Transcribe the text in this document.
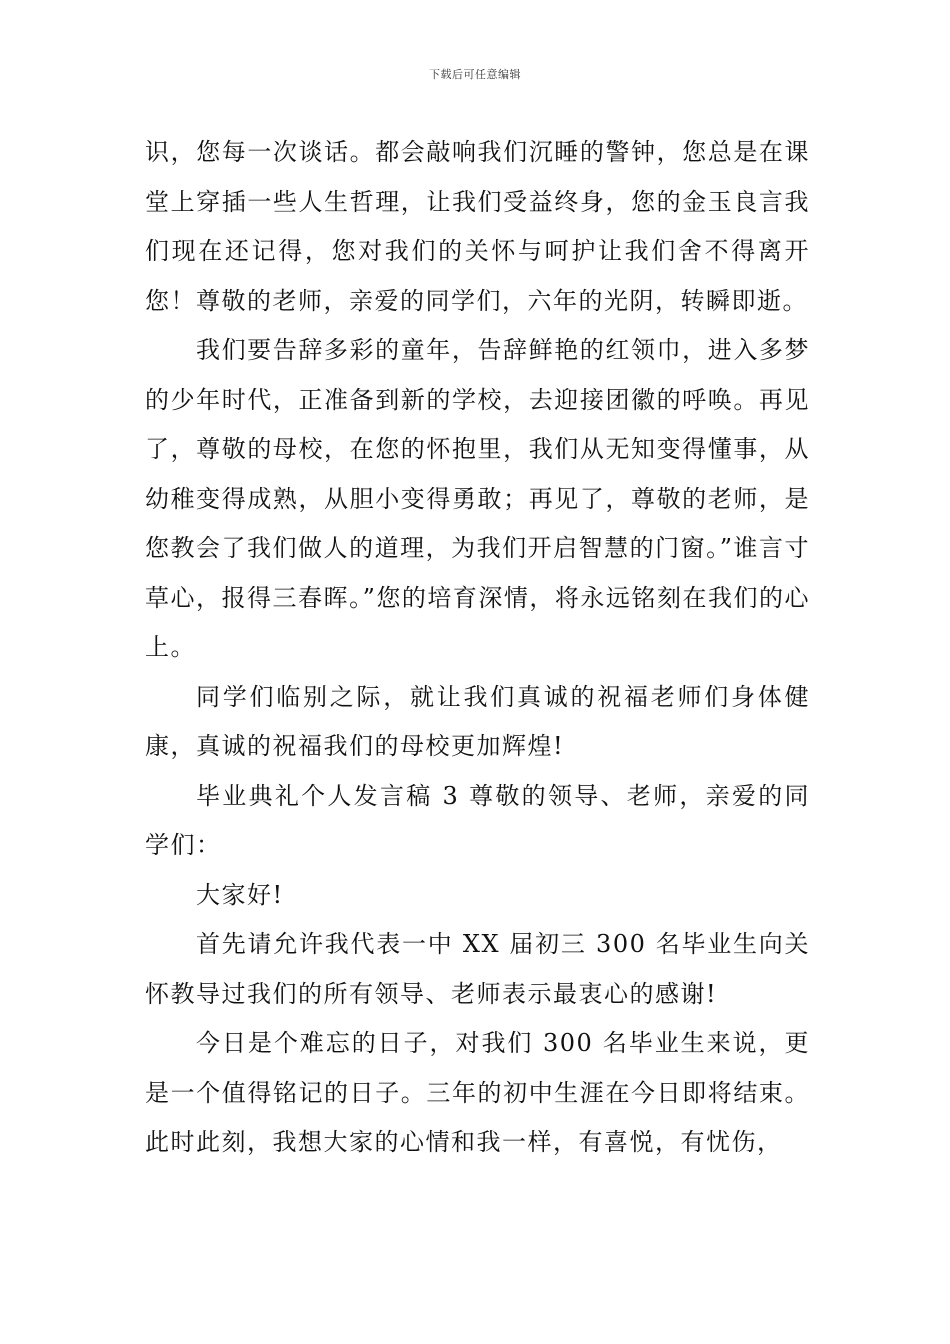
下载后可任意编辑

识，您每一次谈话。都会敲响我们沉睡的警钟，您总是在课堂上穿插一些人生哲理，让我们受益终身，您的金玉良言我们现在还记得，您对我们的关怀与呵护让我们舍不得离开您！尊敬的老师，亲爱的同学们，六年的光阴，转瞬即逝。

我们要告辞多彩的童年，告辞鲜艳的红领巾，进入多梦的少年时代，正准备到新的学校，去迎接团徽的呼唤。再见了，尊敬的母校，在您的怀抱里，我们从无知变得懂事，从幼稚变得成熟，从胆小变得勇敢；再见了，尊敬的老师，是您教会了我们做人的道理，为我们开启智慧的门窗。”谁言寸草心，报得三春晖。”您的培育深情，将永远铭刻在我们的心上。

同学们临别之际，就让我们真诚的祝福老师们身体健康，真诚的祝福我们的母校更加辉煌!

毕业典礼个人发言稿 3 尊敬的领导、老师，亲爱的同学们：

大家好!

首先请允许我代表一中 XX 届初三 300 名毕业生向关怀教导过我们的所有领导、老师表示最衷心的感谢!

今日是个难忘的日子，对我们 300 名毕业生来说，更是一个值得铭记的日子。三年的初中生涯在今日即将结束。此时此刻，我想大家的心情和我一样，有喜悦，有忧伤，
